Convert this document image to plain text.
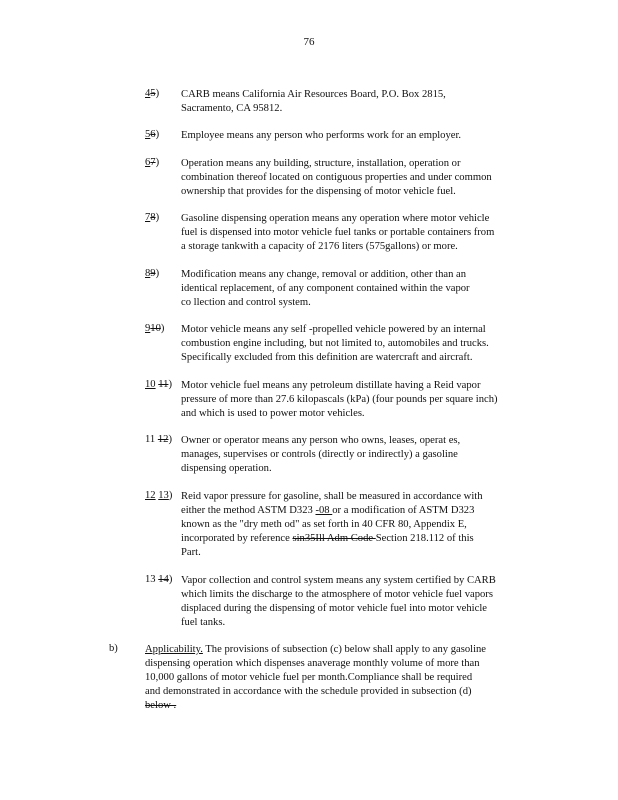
76
45)	CARB means California Air Resources Board, P.O. Box 2815,
Sacramento, CA 95812.
56)	Employee means any person who performs work for an employer.
67)	Operation means any building, structure, installation, operation or
combination thereof located on contiguous properties and under common
ownership that provides for the dispensing of motor vehicle fuel.
78)	Gasoline dispensing operation means any operation where motor vehicle
fuel is dispensed into motor vehicle fuel tanks or portable containers from
a storage tankwith a capacity of 2176 liters (575gallons) or more.
89)	Modification means any change, removal or addition, other than an
identical replacement, of any component contained within the vapor
co llection and control system.
910)	Motor vehicle means any self -propelled vehicle powered by an internal
combustion engine including, but not limited to, automobiles and trucks.
Specifically excluded from this definition are watercraft and aircraft.
10 11) Motor vehicle fuel means any petroleum distillate having a Reid vapor
pressure of more than 27.6 kilopascals (kPa) (four pounds per square inch)
and which is used to power motor vehicles.
11 12) Owner or operator means any person who owns, leases, operat es,
manages, supervises or controls (directly or indirectly) a gasoline
dispensing operation.
12 13) Reid vapor pressure for gasoline, shall be measured in accordance with
either the method ASTM D323 -08 or a modification of ASTM D323
known as the "dry meth od" as set forth in 40 CFR 80, Appendix E,
incorporated by reference sin35Ill Adm Code Section 218.112 of this
Part.
13 14) Vapor collection and control system means any system certified by CARB
which limits the discharge to the atmosphere of motor vehicle fuel vapors
displaced during the dispensing of motor vehicle fuel into motor vehicle
fuel tanks.
b)	Applicability. The provisions of subsection (c) below shall apply to any gasoline
dispensing operation which dispenses anaverage monthly volume of more than
10,000 gallons of motor vehicle fuel per month.Compliance shall be required
and demonstrated in accordance with the schedule provided in subsection (d)
below .
